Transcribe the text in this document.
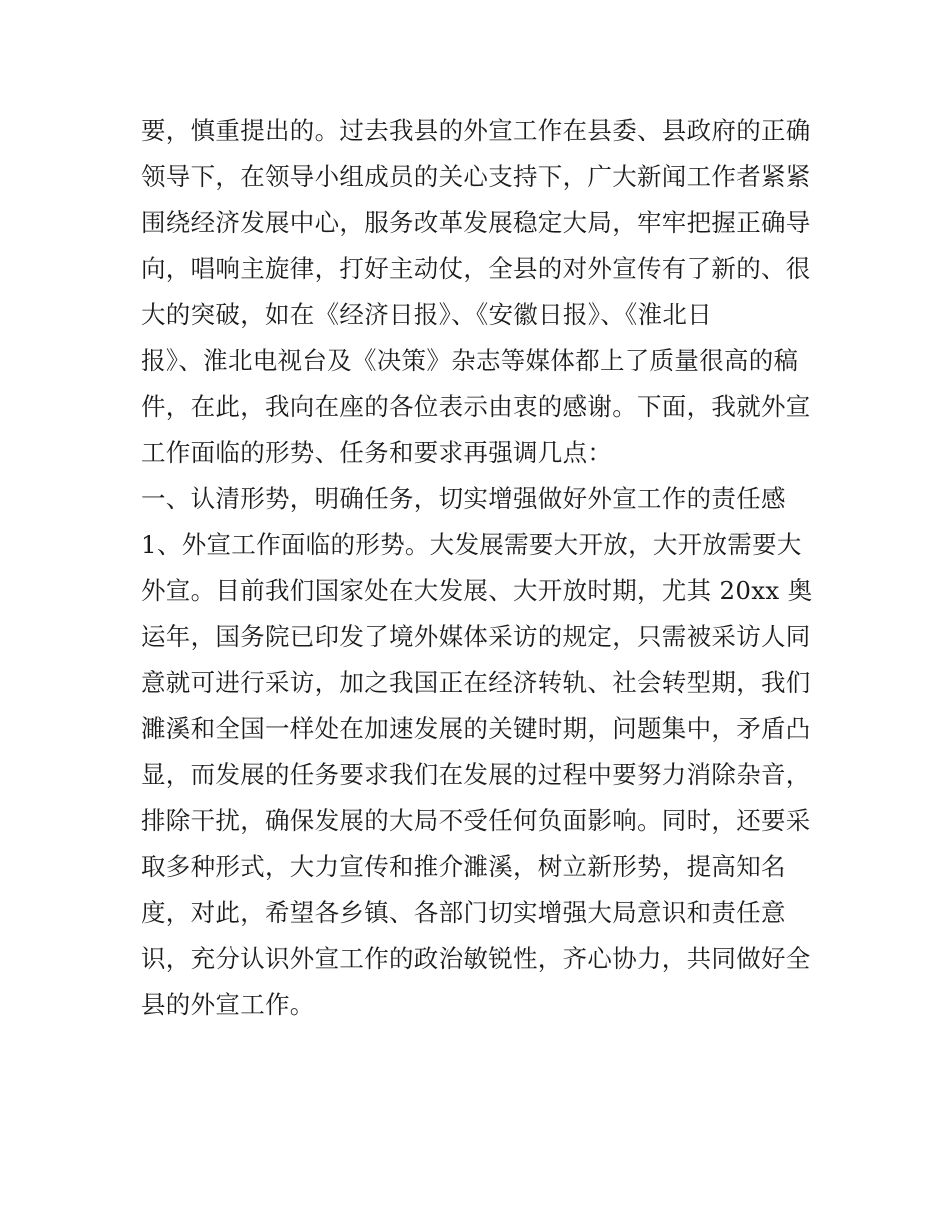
要，慎重提出的。过去我县的外宣工作在县委、县政府的正确
领导下，在领导小组成员的关心支持下，广大新闻工作者紧紧
围绕经济发展中心，服务改革发展稳定大局，牢牢把握正确导
向，唱响主旋律，打好主动仗，全县的对外宣传有了新的、很
大的突破，如在《经济日报》、《安徽日报》、《淮北日
报》、淮北电视台及《决策》杂志等媒体都上了质量很高的稿
件，在此，我向在座的各位表示由衷的感谢。下面，我就外宣
工作面临的形势、任务和要求再强调几点：
一、认清形势，明确任务，切实增强做好外宣工作的责任感
1、外宣工作面临的形势。大发展需要大开放，大开放需要大
外宣。目前我们国家处在大发展、大开放时期，尤其 20xx 奥
运年，国务院已印发了境外媒体采访的规定，只需被采访人同
意就可进行采访，加之我国正在经济转轨、社会转型期，我们
濉溪和全国一样处在加速发展的关键时期，问题集中，矛盾凸
显，而发展的任务要求我们在发展的过程中要努力消除杂音，
排除干扰，确保发展的大局不受任何负面影响。同时，还要采
取多种形式，大力宣传和推介濉溪，树立新形势，提高知名
度，对此，希望各乡镇、各部门切实增强大局意识和责任意
识，充分认识外宣工作的政治敏锐性，齐心协力，共同做好全
县的外宣工作。
